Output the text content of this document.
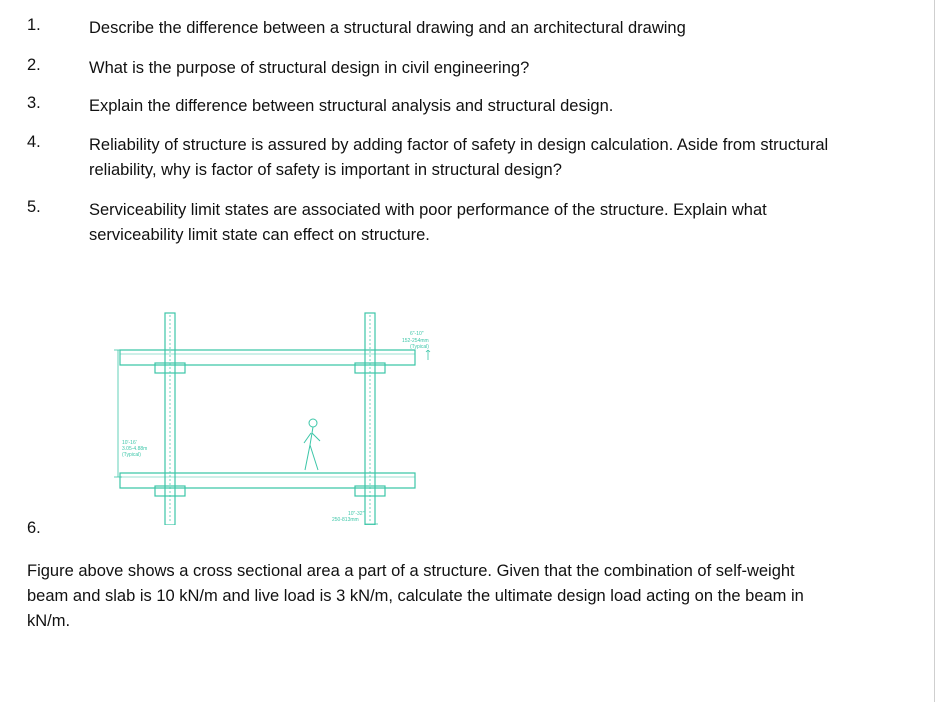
1.	Describe the difference between a structural drawing and an architectural drawing
2.	What is the purpose of structural design in civil engineering?
3.	Explain the difference between structural analysis and structural design.
4.	Reliability of structure is assured by adding factor of safety in design calculation. Aside from structural reliability, why is factor of safety is important in structural design?
5.	Serviceability limit states are associated with poor performance of the structure. Explain what serviceability limit state can effect on structure.
6"-10"
152-254mm
(Typical)
10'-16'
3.05-4.88m
(Typical)
10"-32"
250-813mm
6.
Figure above shows a cross sectional area a part of a structure. Given that the combination of self-weight beam and slab is 10 kN/m and live load is 3 kN/m, calculate the ultimate design load acting on the beam in kN/m.
